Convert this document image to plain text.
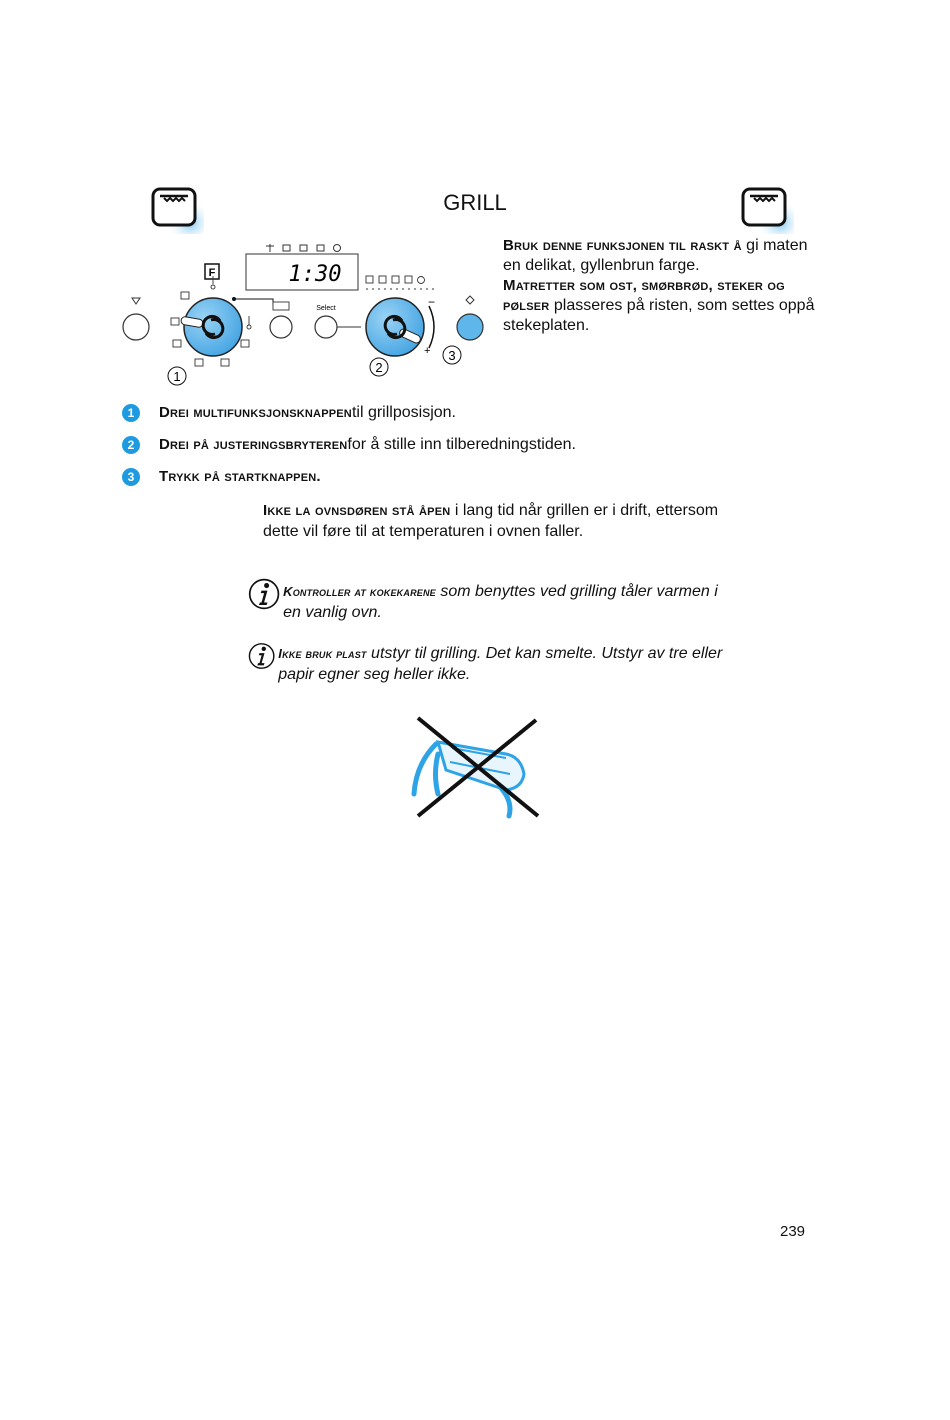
GRILL
F	1:30
Select	−
+
1
2
3

Bruk denne funksjonen til raskt å gi maten en delikat, gyllenbrun farge.

Matretter som ost, smørbrød, steker og pølser plasseres på risten, som settes oppå stekeplaten.

1	Drei multifunksjonsknappen til grillposisjon.
2	Drei på justeringsbryteren for å stille inn tilberedningstiden.
3	Trykk på startknappen.
Ikke la ovnsdøren stå åpen i lang tid når grillen er i drift, ettersom dette vil føre til at temperaturen i ovnen faller.
Kontroller at kokekarene som benyttes ved grilling tåler varmen i en vanlig ovn.
Ikke bruk plast utstyr til grilling. Det kan smelte. Utstyr av tre eller papir egner seg heller ikke.
239
